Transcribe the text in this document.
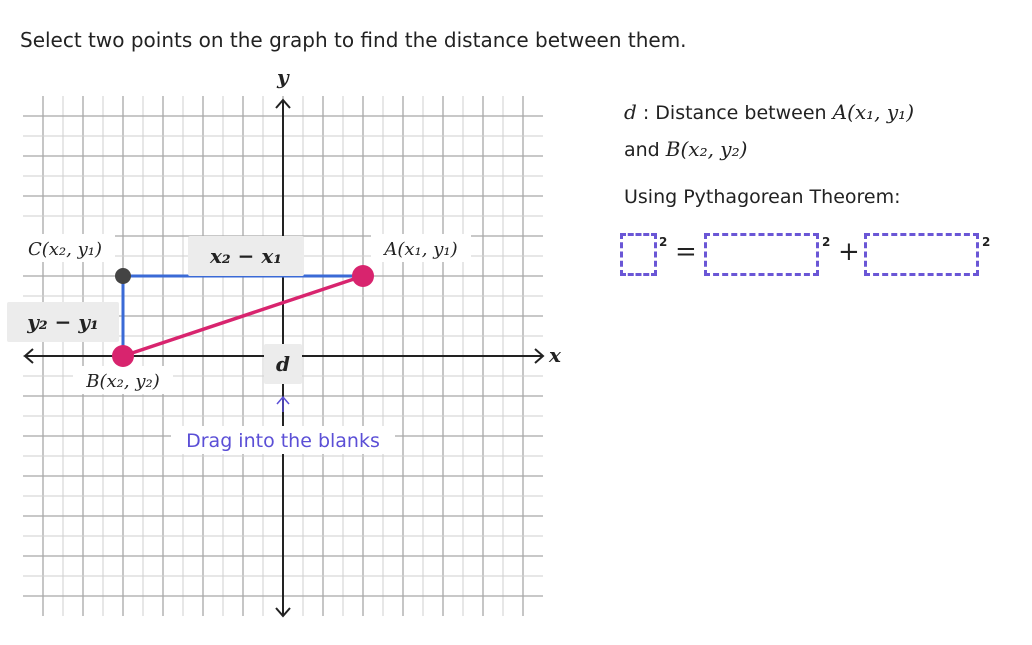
Select two points on the graph to find the distance between them.
x
y
C(x₂, y₁)	A(x₁, y₁)
B(x₂, y₂)
x₂ − x₁
y₂ − y₁
d
Drag into the blanks
d : Distance between A(x₁, y₁)
and B(x₂, y₂)
Using Pythagorean Theorem:
2 =	2 +	2
